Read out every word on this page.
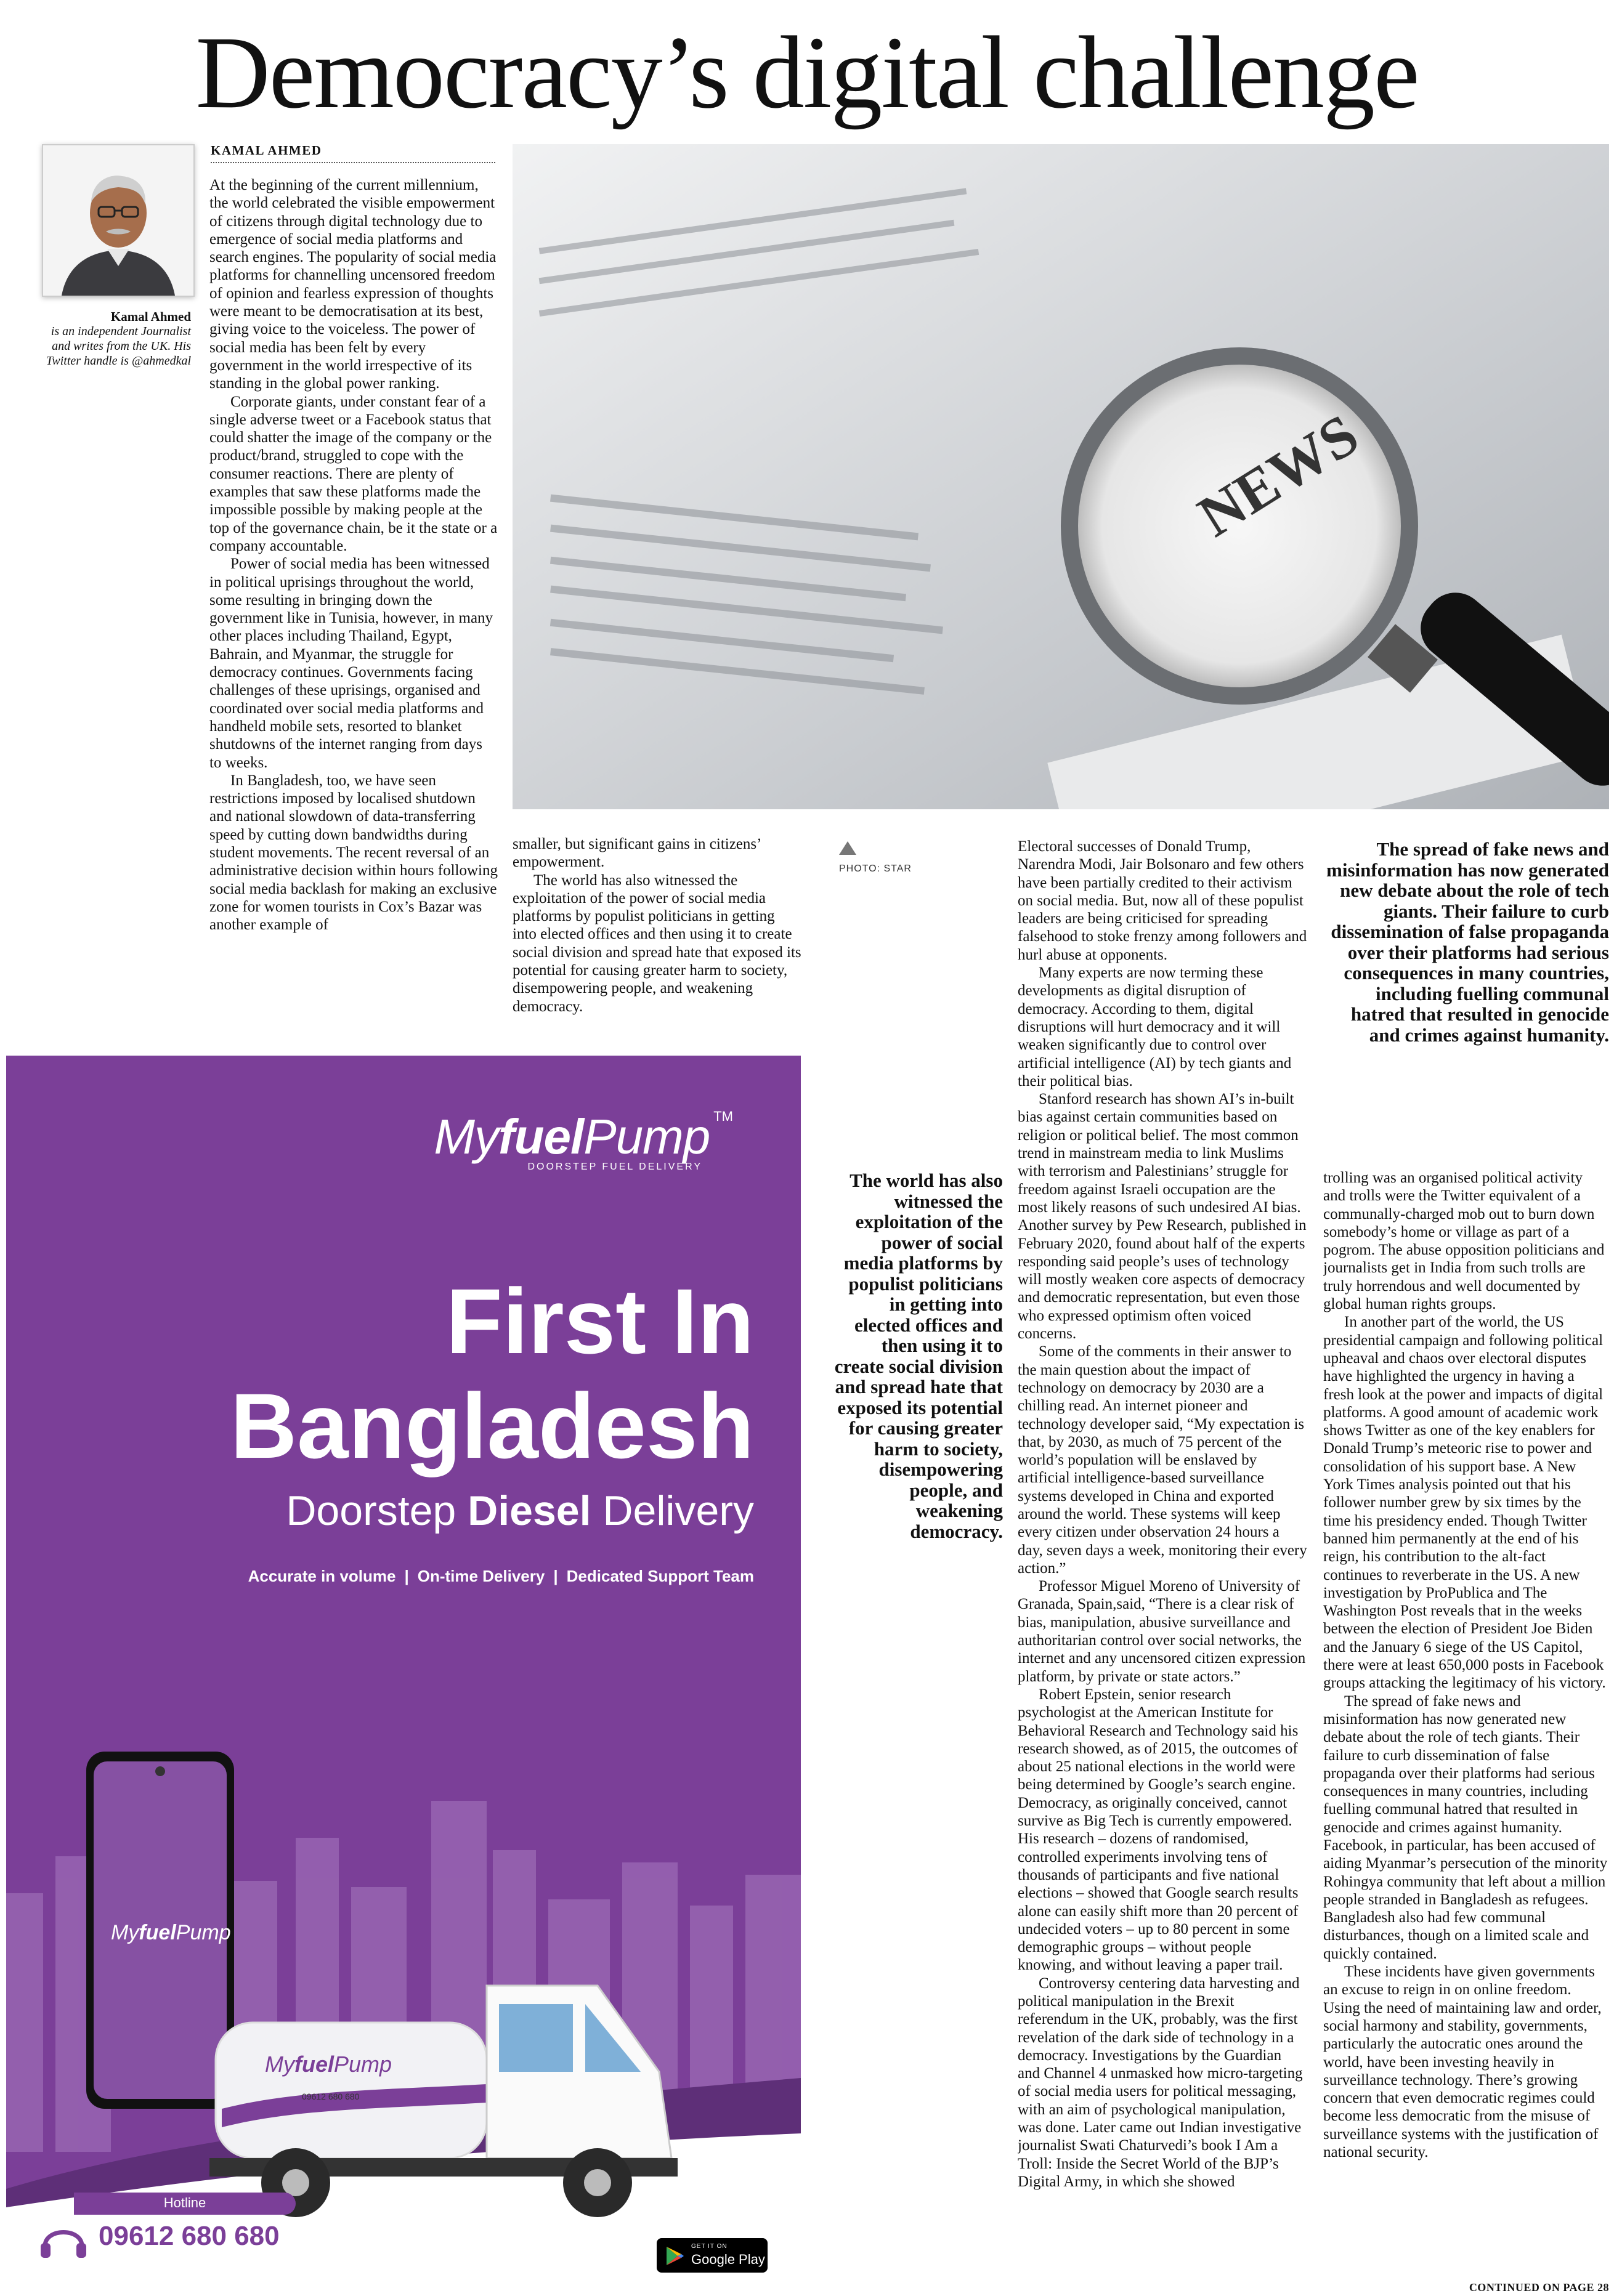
Democracy’s digital challenge
Kamal Ahmed
is an independent Journalist and writes from the UK. His Twitter handle is @ahmedkal
KAMAL AHMED

At the beginning of the current millennium, the world celebrated the visible empowerment of citizens through digital technology due to emergence of social media platforms and search engines. The popularity of social media platforms for channelling uncensored freedom of opinion and fearless expression of thoughts were meant to be democratisation at its best, giving voice to the voiceless. The power of social media has been felt by every government in the world irrespective of its standing in the global power ranking.

Corporate giants, under constant fear of a single adverse tweet or a Facebook status that could shatter the image of the company or the product/brand, struggled to cope with the consumer reactions. There are plenty of examples that saw these platforms made the impossible possible by making people at the top of the governance chain, be it the state or a company accountable.

Power of social media has been witnessed in political uprisings throughout the world, some resulting in bringing down the government like in Tunisia, however, in many other places including Thailand, Egypt, Bahrain, and Myanmar, the struggle for democracy continues. Governments facing challenges of these uprisings, organised and coordinated over social media platforms and handheld mobile sets, resorted to blanket shutdowns of the internet ranging from days to weeks.

In Bangladesh, too, we have seen restrictions imposed by localised shutdown and national slowdown of data-transferring speed by cutting down bandwidths during student movements. The recent reversal of an administrative decision within hours following social media backlash for making an exclusive zone for women tourists in Cox’s Bazar was another example of

NEWS
PHOTO: STAR

smaller, but significant gains in citizens’ empowerment.

The world has also witnessed the exploitation of the power of social media platforms by populist politicians in getting into elected offices and then using it to create social division and spread hate that exposed its potential for causing greater harm to society, disempowering people, and weakening democracy.

The spread of fake news and misinformation has now generated new debate about the role of tech giants. Their failure to curb dissemination of false propaganda over their platforms had serious consequences in many countries, including fuelling communal hatred that resulted in genocide and crimes against humanity.
The world has also witnessed the exploitation of the power of social media platforms by populist politicians in getting into elected offices and then using it to create social division and spread hate that exposed its potential for causing greater harm to society, disempowering people, and weakening democracy.

Electoral successes of Donald Trump, Narendra Modi, Jair Bolsonaro and few others have been partially credited to their activism on social media. But, now all of these populist leaders are being criticised for spreading falsehood to stoke frenzy among followers and hurl abuse at opponents.

Many experts are now terming these developments as digital disruption of democracy. According to them, digital disruptions will hurt democracy and it will weaken significantly due to control over artificial intelligence (AI) by tech giants and their political bias.

Stanford research has shown AI’s in-built bias against certain communities based on religion or political belief. The most common trend in mainstream media to link Muslims with terrorism and Palestinians’ struggle for freedom against Israeli occupation are the most likely reasons of such undesired AI bias. Another survey by Pew Research, published in February 2020, found about half of the experts responding said people’s uses of technology will mostly weaken core aspects of democracy and democratic representation, but even those who expressed optimism often voiced concerns.

Some of the comments in their answer to the main question about the impact of technology on democracy by 2030 are a chilling read. An internet pioneer and technology developer said, “My expectation is that, by 2030, as much of 75 percent of the world’s population will be enslaved by artificial intelligence-based surveillance systems developed in China and exported around the world. These systems will keep every citizen under observation 24 hours a day, seven days a week, monitoring their every action.”

Professor Miguel Moreno of University of Granada, Spain,said, “There is a clear risk of bias, manipulation, abusive surveillance and authoritarian control over social networks, the internet and any uncensored citizen expression platform, by private or state actors.”

Robert Epstein, senior research psychologist at the American Institute for Behavioral Research and Technology said his research showed, as of 2015, the outcomes of about 25 national elections in the world were being determined by Google’s search engine. Democracy, as originally conceived, cannot survive as Big Tech is currently empowered. His research – dozens of randomised, controlled experiments involving tens of thousands of participants and five national elections – showed that Google search results alone can easily shift more than 20 percent of undecided voters – up to 80 percent in some demographic groups – without people knowing, and without leaving a paper trail.

Controversy centering data harvesting and political manipulation in the Brexit referendum in the UK, probably, was the first revelation of the dark side of technology in a democracy. Investigations by the Guardian and Channel 4 unmasked how micro-targeting of social media users for political messaging, with an aim of psychological manipulation, was done. Later came out Indian investigative journalist Swati Chaturvedi’s book I Am a Troll: Inside the Secret World of the BJP’s Digital Army, in which she showed

trolling was an organised political activity and trolls were the Twitter equivalent of a communally-charged mob out to burn down somebody’s home or village as part of a pogrom. The abuse opposition politicians and journalists get in India from such trolls are truly horrendous and well documented by global human rights groups.

In another part of the world, the US presidential campaign and following political upheaval and chaos over electoral disputes have highlighted the urgency in having a fresh look at the power and impacts of digital platforms. A good amount of academic work shows Twitter as one of the key enablers for Donald Trump’s meteoric rise to power and consolidation of his support base. A New York Times analysis pointed out that his follower number grew by six times by the time his presidency ended. Though Twitter banned him permanently at the end of his reign, his contribution to the alt-fact continues to reverberate in the US. A new investigation by ProPublica and The Washington Post reveals that in the weeks between the election of President Joe Biden and the January 6 siege of the US Capitol, there were at least 650,000 posts in Facebook groups attacking the legitimacy of his victory.

The spread of fake news and misinformation has now generated new debate about the role of tech giants. Their failure to curb dissemination of false propaganda over their platforms had serious consequences in many countries, including fuelling communal hatred that resulted in genocide and crimes against humanity. Facebook, in particular, has been accused of aiding Myanmar’s persecution of the minority Rohingya community that left about a million people stranded in Bangladesh as refugees. Bangladesh also had few communal disturbances, though on a limited scale and quickly contained.

These incidents have given governments an excuse to reign in on online freedom. Using the need of maintaining law and order, social harmony and stability, governments, particularly the autocratic ones around the world, have been investing heavily in surveillance technology. There’s growing concern that even democratic regimes could become less democratic from the misuse of surveillance systems with the justification of national security.

MyfuelPump TM
DOORSTEP FUEL DELIVERY
First In
Bangladesh
Doorstep Diesel Delivery
Accurate in volume | On-time Delivery | Dedicated Support Team
MyfuelPump
MyfuelPump
09612 680 680
Hotline
09612 680 680	GET IT ON
Google Play
CONTINUED ON PAGE 28
